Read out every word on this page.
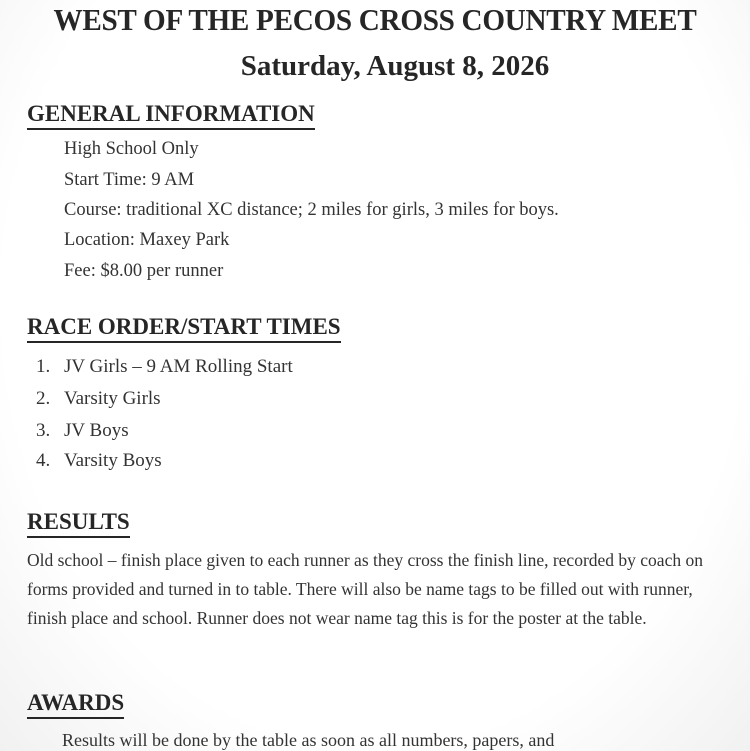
WEST OF THE PECOS CROSS COUNTRY MEET
Saturday, August 8, 2026
GENERAL INFORMATION
High School Only
Start Time: 9 AM
Course: traditional XC distance; 2 miles for girls, 3 miles for boys.
Location: Maxey Park
Fee: $8.00 per runner
RACE ORDER/START TIMES
1. JV Girls – 9 AM Rolling Start
2. Varsity Girls
3. JV Boys
4. Varsity Boys
RESULTS
Old school – finish place given to each runner as they cross the finish line, recorded by coach on forms provided and turned in to table. There will also be name tags to be filled out with runner, finish place and school. Runner does not wear name tag this is for the poster at the table.
AWARDS
Results will be done by the table as soon as all numbers, papers, and
